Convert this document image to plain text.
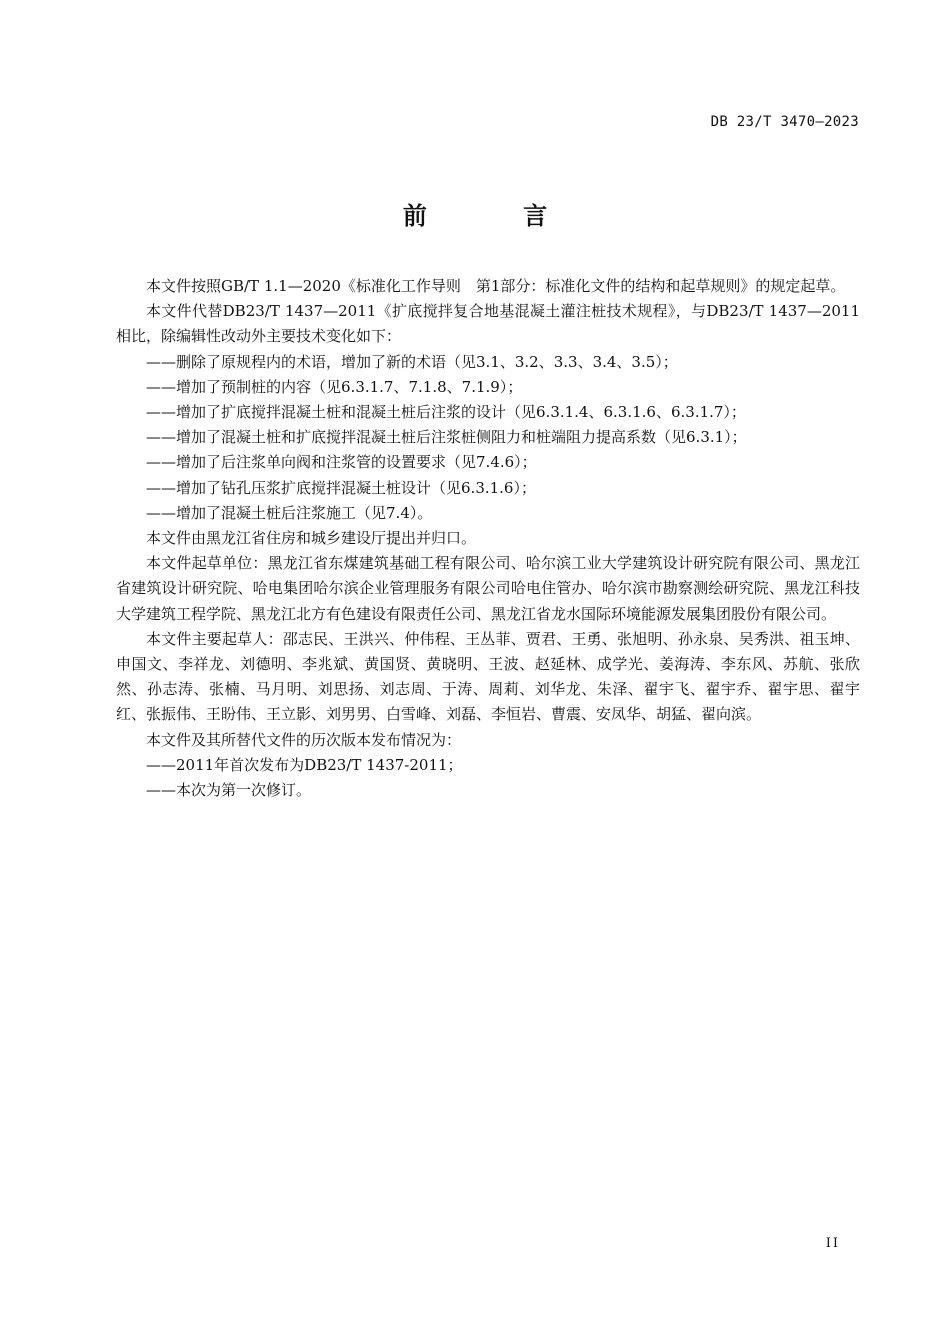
DB 23/T 3470—2023
前 言

本文件按照GB/T 1.1—2020《标准化工作导则　第1部分：标准化文件的结构和起草规则》的规定起草。

本文件代替DB23/T 1437—2011《扩底搅拌复合地基混凝土灌注桩技术规程》，与DB23/T 1437—2011相比，除编辑性改动外主要技术变化如下：

——删除了原规程内的术语，增加了新的术语（见3.1、3.2、3.3、3.4、3.5）；

——增加了预制桩的内容（见6.3.1.7、7.1.8、7.1.9）；

——增加了扩底搅拌混凝土桩和混凝土桩后注浆的设计（见6.3.1.4、6.3.1.6、6.3.1.7）；

——增加了混凝土桩和扩底搅拌混凝土桩后注浆桩侧阻力和桩端阻力提高系数（见6.3.1）；

——增加了后注浆单向阀和注浆管的设置要求（见7.4.6）；

——增加了钻孔压浆扩底搅拌混凝土桩设计（见6.3.1.6）；

——增加了混凝土桩后注浆施工（见7.4）。

本文件由黑龙江省住房和城乡建设厅提出并归口。

本文件起草单位：黑龙江省东煤建筑基础工程有限公司、哈尔滨工业大学建筑设计研究院有限公司、黑龙江省建筑设计研究院、哈电集团哈尔滨企业管理服务有限公司哈电住管办、哈尔滨市勘察测绘研究院、黑龙江科技大学建筑工程学院、黑龙江北方有色建设有限责任公司、黑龙江省龙水国际环境能源发展集团股份有限公司。

本文件主要起草人：邵志民、王洪兴、仲伟程、王丛菲、贾君、王勇、张旭明、孙永泉、吴秀洪、祖玉坤、申国文、李祥龙、刘德明、李兆斌、黄国贤、黄晓明、王波、赵延林、成学光、姜海涛、李东风、苏航、张欣然、孙志涛、张楠、马月明、刘思扬、刘志周、于涛、周莉、刘华龙、朱泽、翟宇飞、翟宇乔、翟宇思、翟宇红、张振伟、王盼伟、王立影、刘男男、白雪峰、刘磊、李恒岩、曹震、安凤华、胡猛、翟向滨。

本文件及其所替代文件的历次版本发布情况为：

——2011年首次发布为DB23/T 1437-2011；

——本次为第一次修订。

II
